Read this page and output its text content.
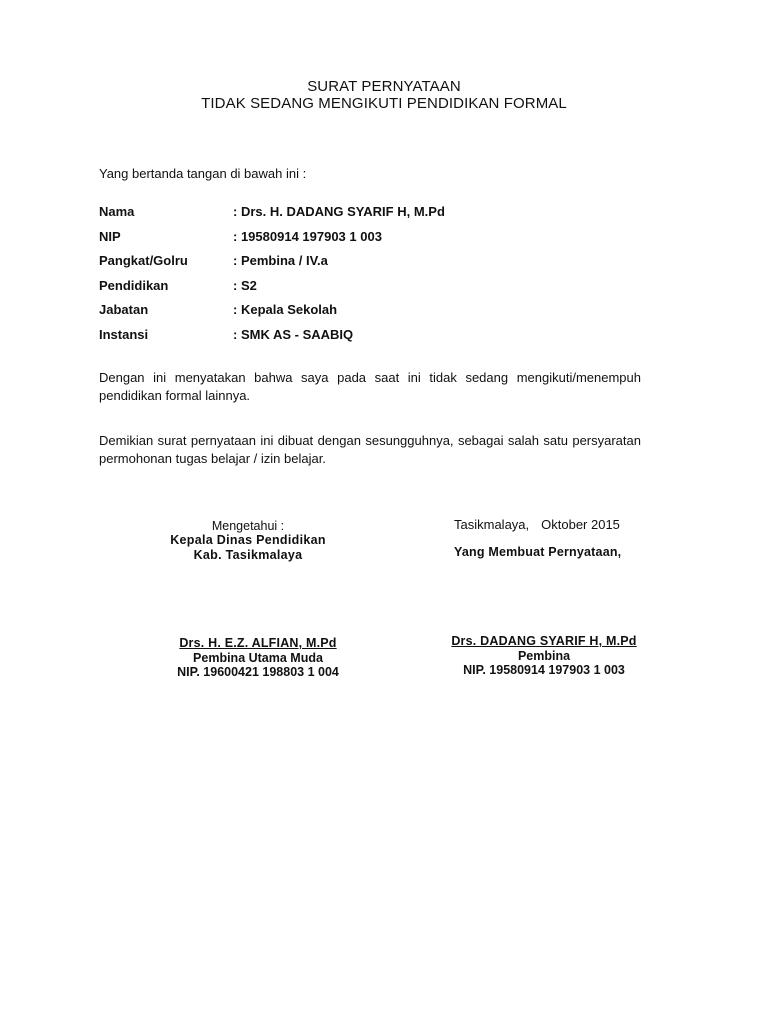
SURAT PERNYATAAN
TIDAK SEDANG MENGIKUTI PENDIDIKAN FORMAL
Yang bertanda tangan di bawah ini :
Nama	: Drs. H. DADANG SYARIF H, M.Pd
NIP	: 19580914 197903 1 003
Pangkat/Golru	: Pembina / IV.a
Pendidikan	: S2
Jabatan	: Kepala Sekolah
Instansi	: SMK AS - SAABIQ
Dengan ini menyatakan bahwa saya pada saat ini tidak sedang mengikuti/menempuh pendidikan formal lainnya.
Demikian surat pernyataan ini dibuat dengan sesungguhnya, sebagai salah satu persyaratan permohonan tugas belajar / izin belajar.
Mengetahui :
Kepala Dinas Pendidikan
Kab. Tasikmalaya
Tasikmalaya, Oktober 2015
Yang Membuat Pernyataan,
Drs. H. E.Z. ALFIAN, M.Pd
Pembina Utama Muda
NIP. 19600421 198803 1 004
Drs. DADANG SYARIF H, M.Pd
Pembina
NIP. 19580914 197903 1 003
